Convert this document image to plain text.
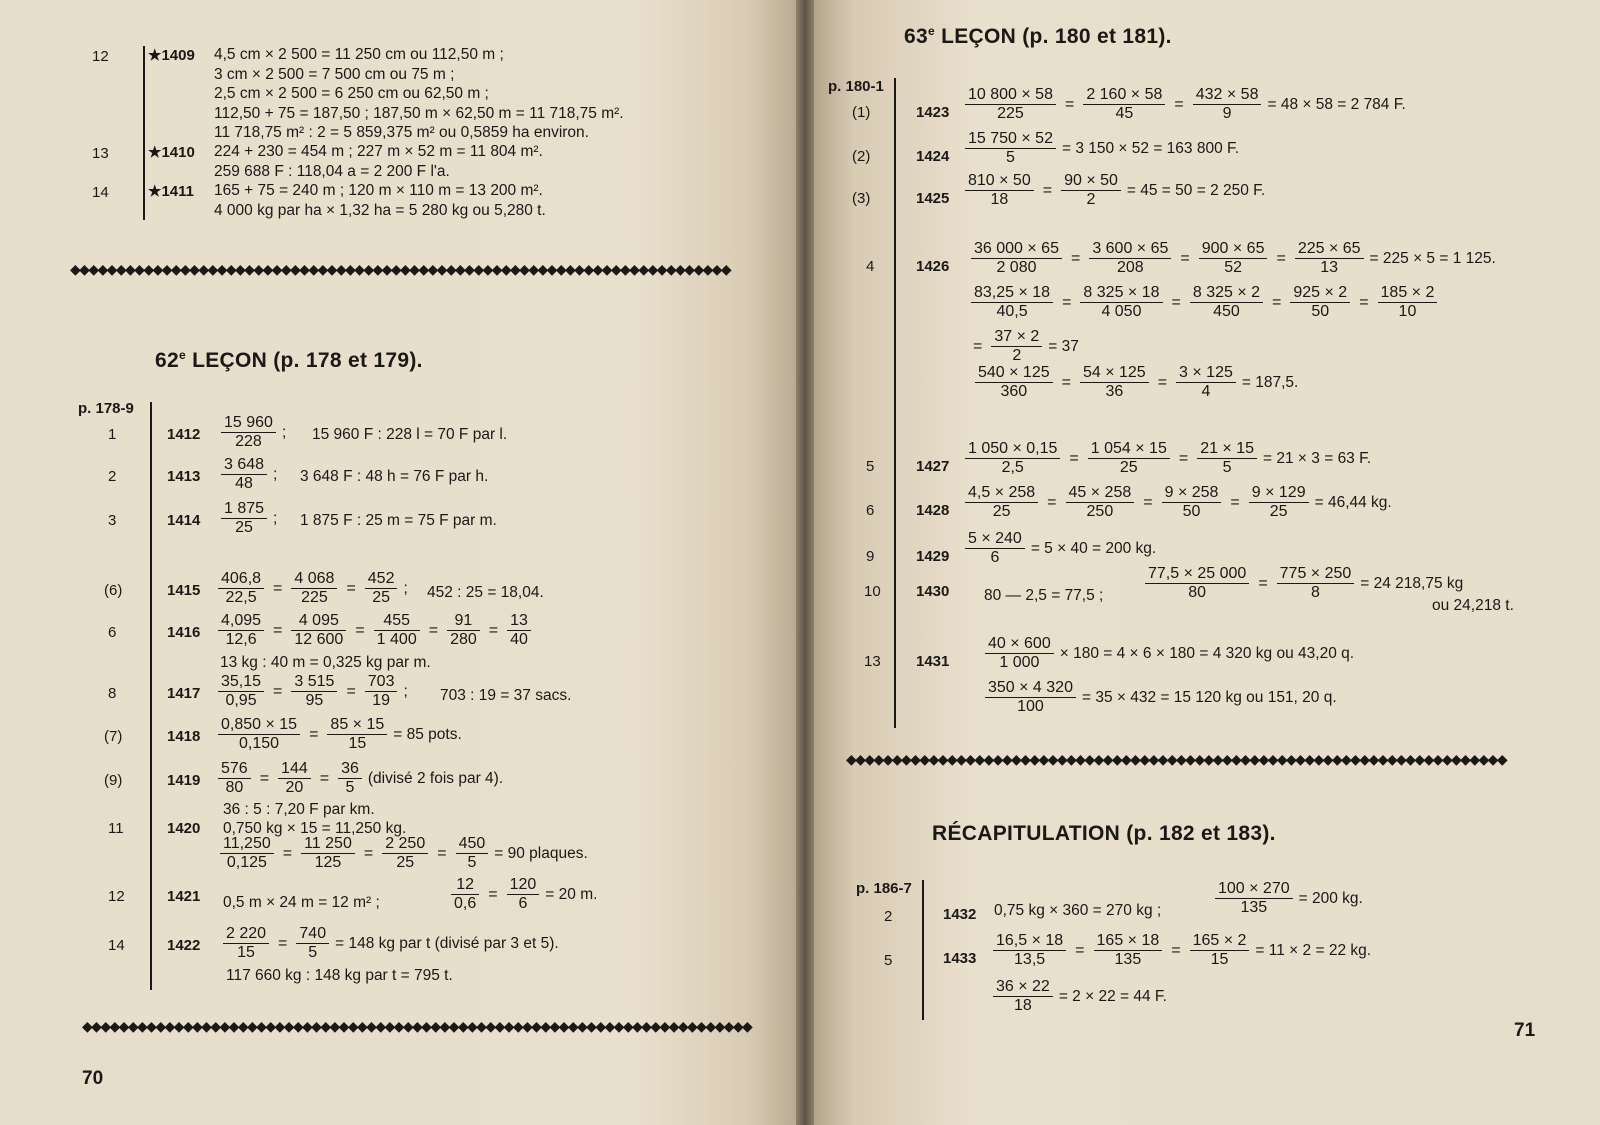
12	★1409 4,5 cm × 2 500 = 11 250 cm ou 112,50 m ;
3 cm × 2 500 = 7 500 cm ou 75 m ;
2,5 cm × 2 500 = 6 250 cm ou 62,50 m ;
112,50 + 75 = 187,50 ; 187,50 m × 62,50 m = 11 718,75 m².
11 718,75 m² : 2 = 5 859,375 m² ou 0,5859 ha environ.
13	★1410 224 + 230 = 454 m ; 227 m × 52 m = 11 804 m².
259 688 F : 118,04 a = 2 200 F l'a.
14	★1411 165 + 75 = 240 m ; 120 m × 110 m = 13 200 m².
4 000 kg par ha × 1,32 ha = 5 280 kg ou 5,280 t.
◆◆◆◆◆◆◆◆◆◆◆◆◆◆◆◆◆◆◆◆◆◆◆◆◆◆◆◆◆◆◆◆◆◆◆◆◆◆◆◆◆◆◆◆◆◆◆◆◆◆◆◆◆◆◆◆◆◆◆◆◆◆◆◆◆◆◆◆◆◆◆◆
62e LEÇON (p. 178 et 179).
p. 178-9
1	$1412 \frac{15 960}{228}$ ; 15 960 F : 228 l = 70 F par l.
2	$1413 \frac{3 648}{48}$ ; 3 648 F : 48 h = 76 F par h.
3	$1414 \frac{1 875}{25}$ ; 1 875 F : 25 m = 75 F par m.
(6)	$1415 \frac{406,8}{22,5} = \frac{4 068}{225} = \frac{452}{25}$ ; 452 : 25 = 18,04.
6	$1416 \frac{4,095}{12,6} = \frac{4 095}{12 600} = \frac{455}{1 400} = \frac{91}{280} = \frac{13}{40}$
13 kg : 40 m = 0,325 kg par m.
8	$1417 \frac{35,15}{0,95} = \frac{3 515}{95} = \frac{703}{19}$ ; 703 : 19 = 37 sacs.
(7)	$1418 \frac{0,850 \times 15}{0,150} = \frac{85 \times 15}{15} = 85$ pots.
(9)	$1419 \frac{576}{80} = \frac{144}{20} = \frac{36}{5}$ (divisé 2 fois par 4).
36 : 5 : 7,20 F par km.
11	1420 0,750 kg × 15 = 11,250 kg.
$\frac{11,250}{0,125} = \frac{11 250}{125} = \frac{2 250}{25} = \frac{450}{5} = 90$ plaques.
12	1421 0,5 m × 24 m = 12 m² ;	$\frac{12}{0,6} = \frac{120}{6} = 20$ m.
14	$1422 \frac{2 220}{15} = \frac{740}{5} = 148$ kg par t (divisé par 3 et 5).
117 660 kg : 148 kg par t = 795 t.
◆◆◆◆◆◆◆◆◆◆◆◆◆◆◆◆◆◆◆◆◆◆◆◆◆◆◆◆◆◆◆◆◆◆◆◆◆◆◆◆◆◆◆◆◆◆◆◆◆◆◆◆◆◆◆◆◆◆◆◆◆◆◆◆◆◆◆◆◆◆◆◆◆
70
63e LEÇON (p. 180 et 181).
p. 180-1
(1)	$1423 \frac{10 800 \times 58}{225} = \frac{2 160 \times 58}{45} = \frac{432 \times 58}{9} = 48 \times 58 = 2$ 784 F.
(2)	$1424 \frac{15 750 \times 52}{5} = 3$ 150 × 52 = 163 800 F.
(3)	$1425 \frac{810 \times 50}{18} = \frac{90 \times 50}{2} = 45 = 50 = 2$ 250 F.
4	$1426 \frac{36 000 \times 65}{2 080} = \frac{3 600 \times 65}{208} = \frac{900 \times 65}{52} = \frac{225 \times 65}{13} = 225 \times 5 = 1$ 125.
$\frac{83,25 \times 18}{40,5} = \frac{8 325 \times 18}{4 050} = \frac{8 325 \times 2}{450} = \frac{925 \times 2}{50} = \frac{185 \times 2}{10}$
= $\frac{37 \times 2}{2} = 37$
$\frac{540 \times 125}{360} = \frac{54 \times 125}{36} = \frac{3 \times 125}{4} = 187,5$.
5	$1427 \frac{1 050 \times 0,15}{2,5} = \frac{1 054 \times 15}{25} = \frac{21 \times 15}{5} = 21 \times 3 = 63$ F.
6	$1428 \frac{4,5 \times 258}{25} = \frac{45 \times 258}{250} = \frac{9 \times 258}{50} = \frac{9 \times 129}{25} = 46,44$ kg.
9	$1429 \frac{5 \times 240}{6} = 5 \times 40 = 200$ kg.
10 1430 80 — 2,5 = 77,5 ;	$\frac{77,5 \times 25 000}{80} = \frac{775 \times 250}{8} = 24$ 218,75 kg
ou 24,218 t.
13 $1431 \frac{40 \times 600}{1 000} \times 180 = 4 \times 6 \times 180 = 4$ 320 kg ou 43,20 q.
$\frac{350 \times 4 320}{100} = 35 \times 432 = 15$ 120 kg ou 151, 20 q.
◆◆◆◆◆◆◆◆◆◆◆◆◆◆◆◆◆◆◆◆◆◆◆◆◆◆◆◆◆◆◆◆◆◆◆◆◆◆◆◆◆◆◆◆◆◆◆◆◆◆◆◆◆◆◆◆◆◆◆◆◆◆◆◆◆◆◆◆◆◆◆◆
RÉCAPITULATION (p. 182 et 183).
p. 186-7
2	1432 0,75 kg × 360 = 270 kg ;	$\frac{100 \times 270}{135} = 200$ kg.
5	$1433 \frac{16,5 \times 18}{13,5} = \frac{165 \times 18}{135} = \frac{165 \times 2}{15} = 11 \times 2 = 22$ kg.
$\frac{36 \times 22}{18} = 2 \times 22 = 44$ F.
71
